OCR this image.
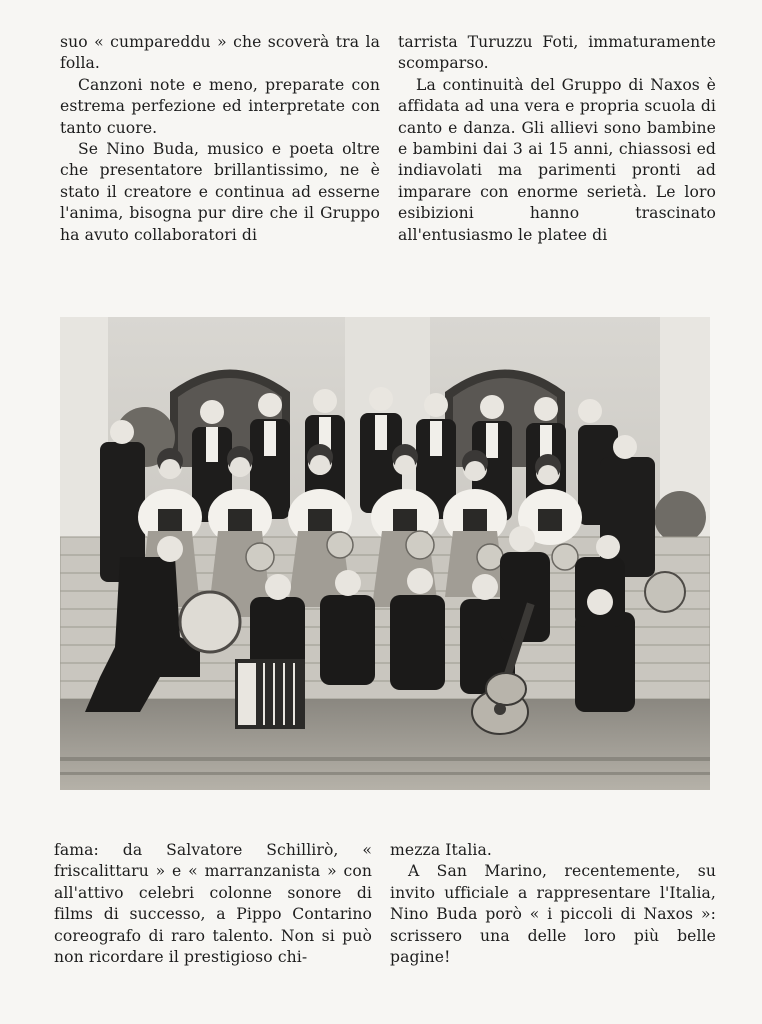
suo « cumpareddu » che scoverà tra la folla.

Canzoni note e meno, preparate con estrema perfezione ed interpretate con tanto cuore.

Se Nino Buda, musico e poeta oltre che presentatore brillantissimo, ne è stato il creatore e continua ad esserne l'anima, bisogna pur dire che il Gruppo ha avuto collaboratori di

tarrista Turuzzu Foti, immaturamente scomparso.

La continuità del Gruppo di Naxos è affidata ad una vera e propria scuola di canto e danza. Gli allievi sono bambine e bambini dai 3 ai 15 anni, chiassosi ed indiavolati ma parimenti pronti ad imparare con enorme serietà. Le loro esibizioni hanno trascinato all'entusiasmo le platee di

fama: da Salvatore Schillirò, « friscalittaru » e « marranzanista » con all'attivo celebri colonne sonore di films di successo, a Pippo Contarino coreografo di raro talento. Non si può non ricordare il prestigioso chi-

mezza Italia.

A San Marino, recentemente, su invito ufficiale a rappresentare l'Italia, Nino Buda porò « i piccoli di Naxos »: scrissero una delle loro più belle pagine!
